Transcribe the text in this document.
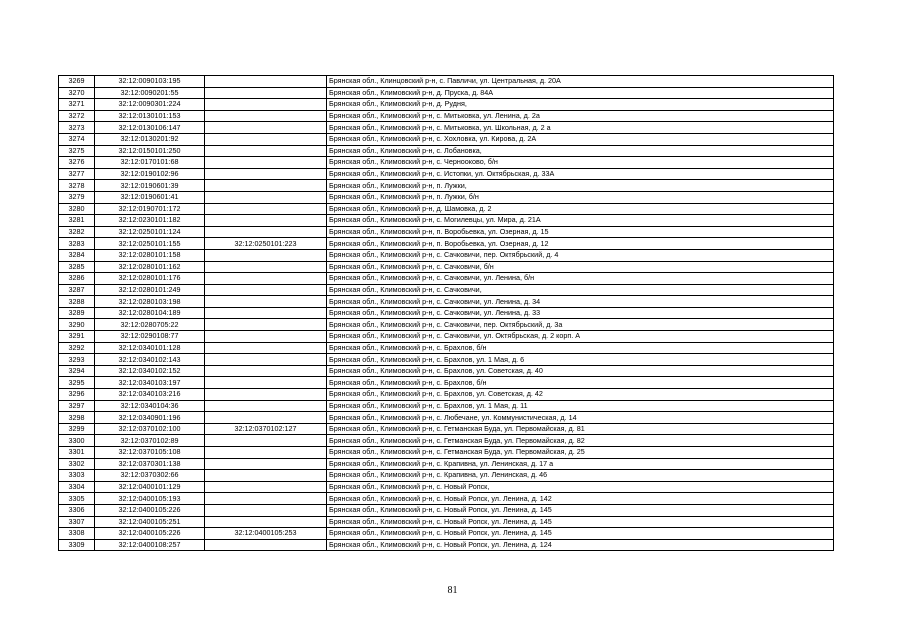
3269	32:12:0090103:195		Брянская обл., Клинцовский р-н, с. Павличи, ул. Центральная, д. 20А
3270	32:12:0090201:55		Брянская обл., Климовский р-н, д. Пруска, д. 84А
3271	32:12:0090301:224		Брянская обл., Климовский р-н, д. Рудня,
3272	32:12:0130101:153		Брянская обл., Климовский р-н, с. Митьковка, ул. Ленина, д. 2а
3273	32:12:0130106:147		Брянская обл., Климовский р-н, с. Митьковка, ул. Школьная, д. 2 а
3274	32:12:0130201:92		Брянская обл., Климовский р-н, с. Хохловка, ул. Кирова, д. 2А
3275	32:12:0150101:250		Брянская обл., Климовский р-н, с. Лобановка,
3276	32:12:0170101:68		Брянская обл., Климовский р-н, с. Чернооково, б/н
3277	32:12:0190102:96		Брянская обл., Климовский р-н, с. Истопки, ул. Октябрьская, д. 33А
3278	32:12:0190601:39		Брянская обл., Климовский р-н, п. Лужки,
3279	32:12:0190601:41		Брянская обл., Климовский р-н, п. Лужки, б/н
3280	32:12:0190701:172		Брянская обл., Климовский р-н, д. Шамовка, д. 2
3281	32:12:0230101:182		Брянская обл., Климовский р-н, с. Могилевцы, ул. Мира, д. 21А
3282	32:12:0250101:124		Брянская обл., Климовский р-н, п. Воробьевка, ул. Озерная, д. 15
3283	32:12:0250101:155	32:12:0250101:223	Брянская обл., Климовский р-н, п. Воробьевка, ул. Озерная, д. 12
3284	32:12:0280101:158		Брянская обл., Климовский р-н, с. Сачковичи, пер. Октябрьский, д. 4
3285	32:12:0280101:162		Брянская обл., Климовский р-н, с. Сачковичи, б/н
3286	32:12:0280101:176		Брянская обл., Климовский р-н, с. Сачковичи, ул. Ленина, б/н
3287	32:12:0280101:249		Брянская обл., Климовский р-н, с. Сачковичи,
3288	32:12:0280103:198		Брянская обл., Климовский р-н, с. Сачковичи, ул. Ленина, д. 34
3289	32:12:0280104:189		Брянская обл., Климовский р-н, с. Сачковичи, ул. Ленина, д. 33
3290	32:12:0280705:22		Брянская обл., Климовский р-н, с. Сачковичи, пер. Октябрьский, д. 3а
3291	32:12:0290108:77		Брянская обл., Климовский р-н, с. Сачковичи, ул. Октябрьская, д. 2 корп. А
3292	32:12:0340101:128		Брянская обл., Климовский р-н, с. Брахлов, б/н
3293	32:12:0340102:143		Брянская обл., Климовский р-н, с. Брахлов, ул. 1 Мая, д. 6
3294	32:12:0340102:152		Брянская обл., Климовский р-н, с. Брахлов, ул. Советская, д. 40
3295	32:12:0340103:197		Брянская обл., Климовский р-н, с. Брахлов, б/н
3296	32:12:0340103:216		Брянская обл., Климовский р-н, с. Брахлов, ул. Советская, д. 42
3297	32:12:0340104:36		Брянская обл., Климовский р-н, с. Брахлов, ул. 1 Мая, д. 11
3298	32:12:0340901:196		Брянская обл., Климовский р-н, с. Любечане, ул. Коммунистическая, д. 14
3299	32:12:0370102:100	32:12:0370102:127	Брянская обл., Климовский р-н, с. Гетманская Буда, ул. Первомайская, д. 81
3300	32:12:0370102:89		Брянская обл., Климовский р-н, с. Гетманская Буда, ул. Первомайская, д. 82
3301	32:12:0370105:108		Брянская обл., Климовский р-н, с. Гетманская Буда, ул. Первомайская, д. 25
3302	32:12:0370301:138		Брянская обл., Климовский р-н, с. Крапивна, ул. Ленинская, д. 17 а
3303	32:12:0370302:66		Брянская обл., Климовский р-н, с. Крапивна, ул. Ленинская, д. 46
3304	32:12:0400101:129		Брянская обл., Климовский р-н, с. Новый Ропск,
3305	32:12:0400105:193		Брянская обл., Климовский р-н, с. Новый Ропск, ул. Ленина, д. 142
3306	32:12:0400105:226		Брянская обл., Климовский р-н, с. Новый Ропск, ул. Ленина, д. 145
3307	32:12:0400105:251		Брянская обл., Климовский р-н, с. Новый Ропск, ул. Ленина, д. 145
3308	32:12:0400105:226	32:12:0400105:253	Брянская обл., Климовский р-н, с. Новый Ропск, ул. Ленина, д. 145
3309	32:12:0400108:257		Брянская обл., Климовский р-н, с. Новый Ропск, ул. Ленина, д. 124
81
